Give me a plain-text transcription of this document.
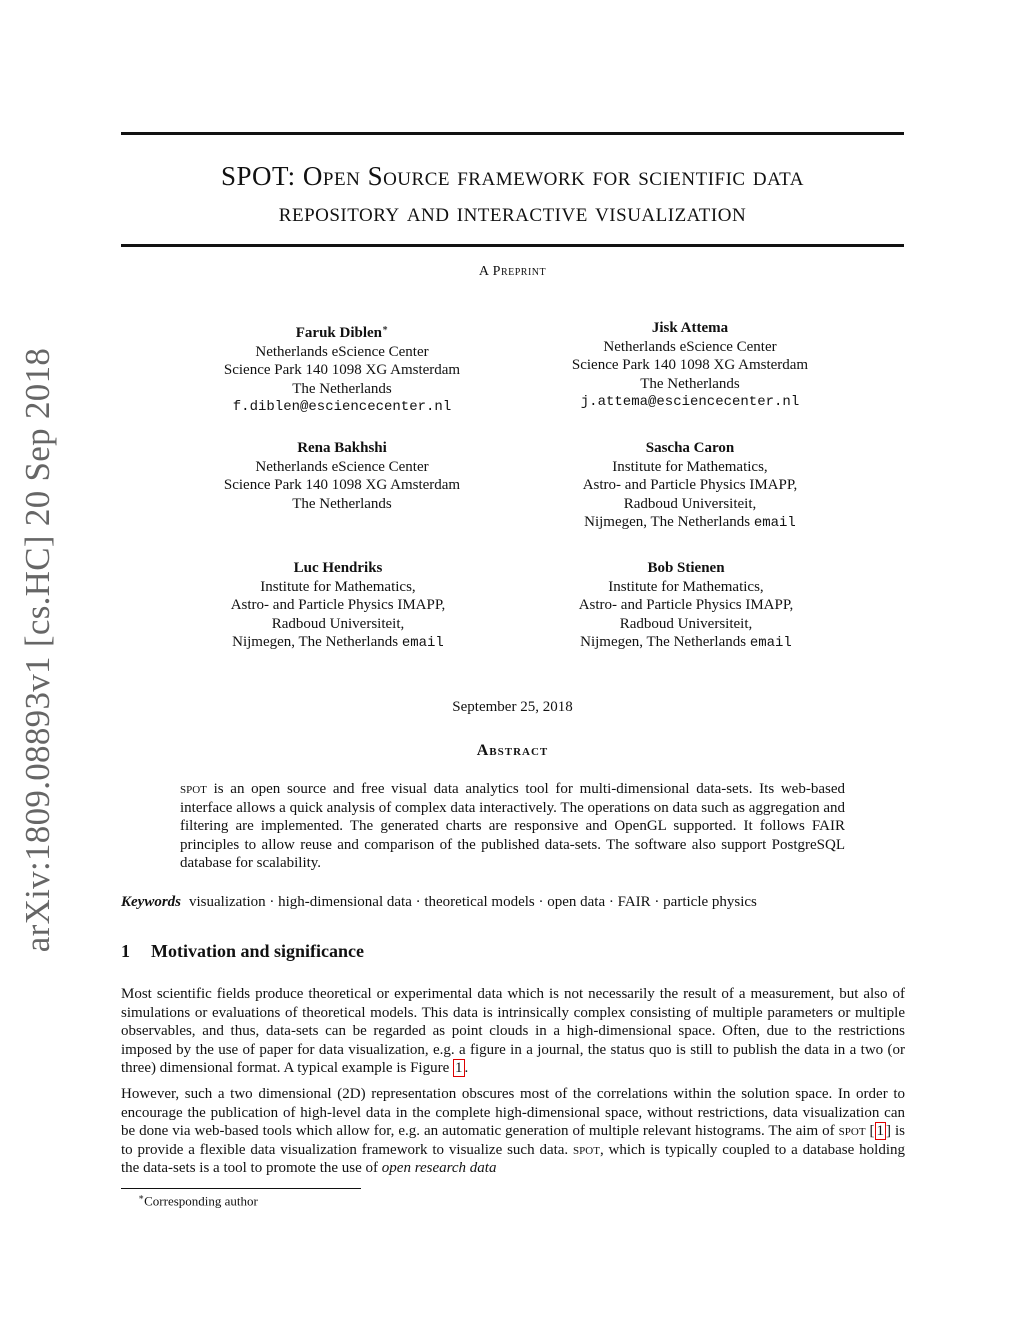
arXiv:1809.08893v1 [cs.HC] 20 Sep 2018
SPOT: Open Source framework for scientific data
repository and interactive visualization
A Preprint
Faruk Diblen∗
Netherlands eScience Center
Science Park 140 1098 XG Amsterdam
The Netherlands
f.diblen@esciencecenter.nl
Jisk Attema
Netherlands eScience Center
Science Park 140 1098 XG Amsterdam
The Netherlands
j.attema@esciencecenter.nl
Rena Bakhshi
Netherlands eScience Center
Science Park 140 1098 XG Amsterdam
The Netherlands
Sascha Caron
Institute for Mathematics,
Astro- and Particle Physics IMAPP,
Radboud Universiteit,
Nijmegen, The Netherlands email
Luc Hendriks
Institute for Mathematics,
Astro- and Particle Physics IMAPP,
Radboud Universiteit,
Nijmegen, The Netherlands email
Bob Stienen
Institute for Mathematics,
Astro- and Particle Physics IMAPP,
Radboud Universiteit,
Nijmegen, The Netherlands email
September 25, 2018
Abstract
spot is an open source and free visual data analytics tool for multi-dimensional data-sets. Its web-based interface allows a quick analysis of complex data interactively. The operations on data such as aggregation and filtering are implemented. The generated charts are responsive and OpenGL supported. It follows FAIR principles to allow reuse and comparison of the published data-sets. The software also support PostgreSQL database for scalability.
Keywords visualization · high-dimensional data · theoretical models · open data · FAIR · particle physics
1 Motivation and significance
Most scientific fields produce theoretical or experimental data which is not necessarily the result of a measurement, but also of simulations or evaluations of theoretical models. This data is intrinsically complex consisting of multiple parameters or multiple observables, and thus, data-sets can be regarded as point clouds in a high-dimensional space. Often, due to the restrictions imposed by the use of paper for data visualization, e.g. a figure in a journal, the status quo is still to publish the data in a two (or three) dimensional format. A typical example is Figure 1 .
However, such a two dimensional (2D) representation obscures most of the correlations within the solution space. In order to encourage the publication of high-level data in the complete high-dimensional space, without restrictions, data visualization can be done via web-based tools which allow for, e.g. an automatic generation of multiple relevant histograms. The aim of spot [ 1 ] is to provide a flexible data visualization framework to visualize such data. spot, which is typically coupled to a database holding the data-sets is a tool to promote the use of open research data
∗Corresponding author
